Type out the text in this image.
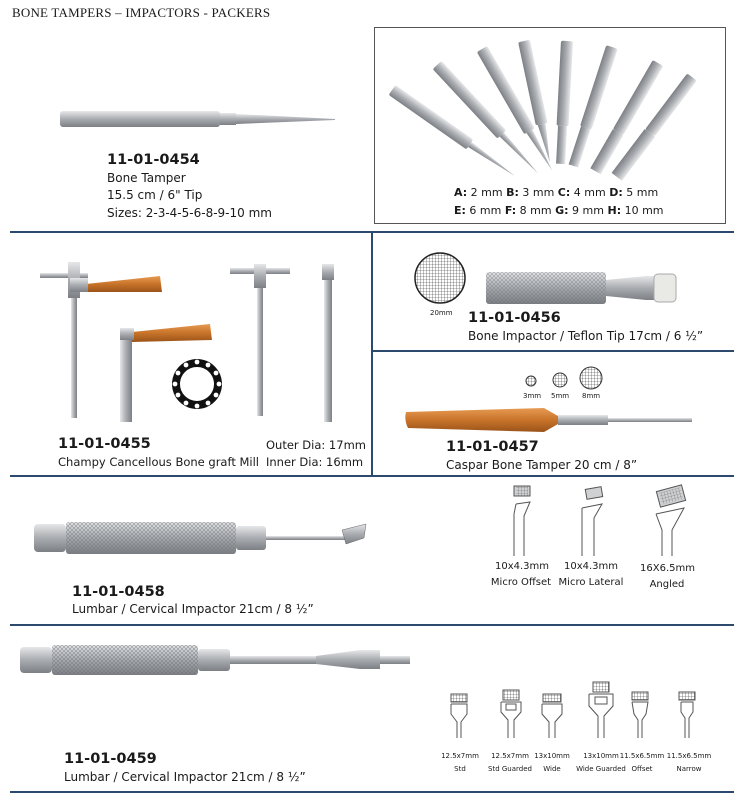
BONE TAMPERS – IMPACTORS - PACKERS
11-01-0454
Bone Tamper
15.5 cm / 6" Tip
Sizes: 2-3-4-5-6-8-9-10 mm
A: 2 mm B: 3 mm C: 4 mm D: 5 mm
E: 6 mm F: 8 mm G: 9 mm H: 10 mm
11-01-0455
Champy Cancellous Bone graft Mill
Outer Dia: 17mm
Inner Dia: 16mm
20mm 11-01-0456
Bone Impactor / Teflon Tip 17cm / 6 ½”
3mm 5mm 8mm
11-01-0457
Caspar Bone Tamper 20 cm / 8”
11-01-0458
Lumbar / Cervical Impactor 21cm / 8 ½”
10x4.3mm
Micro Offset
10x4.3mm
Micro Lateral
16X6.5mm
Angled
11-01-0459
Lumbar / Cervical Impactor 21cm / 8 ½”
12.5x7mm
Std
12.5x7mm
Std Guarded
13x10mm
Wide
13x10mm
Wide Guarded
11.5x6.5mm
Offset
11.5x6.5mm
Narrow
